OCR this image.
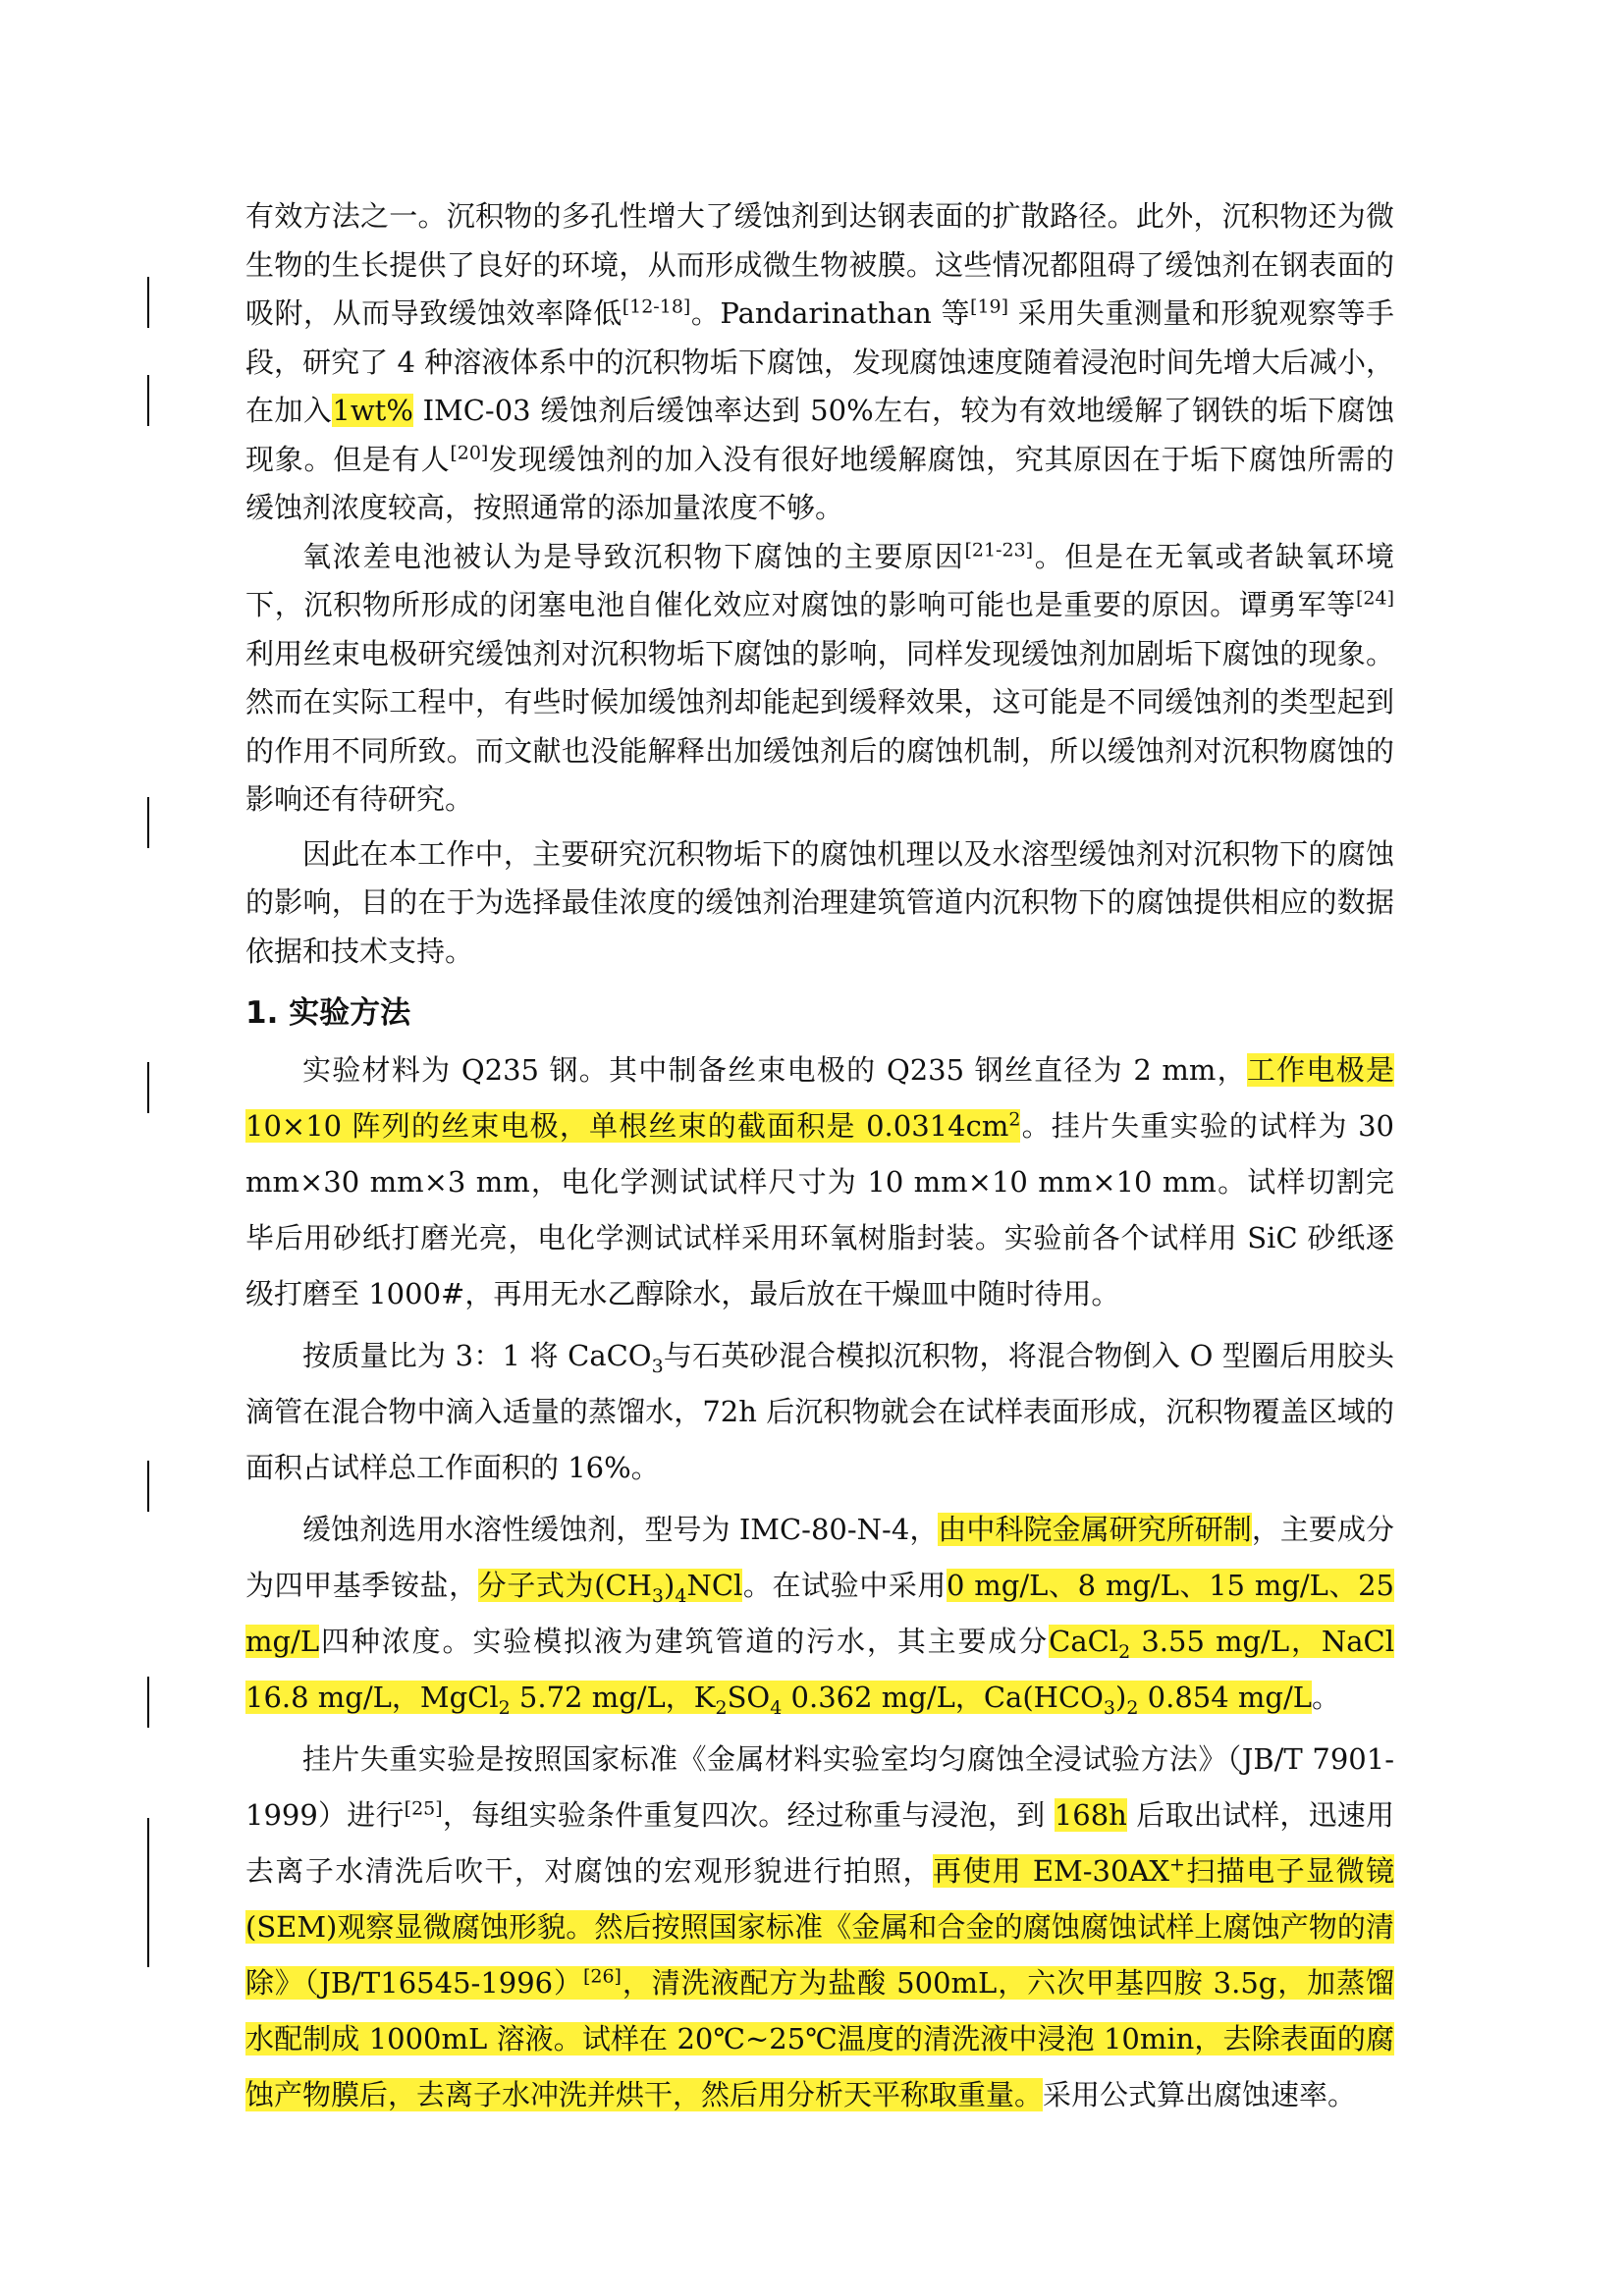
有效方法之一。沉积物的多孔性增大了缓蚀剂到达钢表面的扩散路径。此外，沉积物还为微生物的生长提供了良好的环境，从而形成微生物被膜。这些情况都阻碍了缓蚀剂在钢表面的吸附，从而导致缓蚀效率降低[12-18]。Pandarinathan 等[19] 采用失重测量和形貌观察等手段，研究了 4 种溶液体系中的沉积物垢下腐蚀，发现腐蚀速度随着浸泡时间先增大后减小，在加入1wt% IMC-03 缓蚀剂后缓蚀率达到 50%左右，较为有效地缓解了钢铁的垢下腐蚀现象。但是有人[20]发现缓蚀剂的加入没有很好地缓解腐蚀，究其原因在于垢下腐蚀所需的缓蚀剂浓度较高，按照通常的添加量浓度不够。

氧浓差电池被认为是导致沉积物下腐蚀的主要原因[21-23]。但是在无氧或者缺氧环境下，沉积物所形成的闭塞电池自催化效应对腐蚀的影响可能也是重要的原因。谭勇军等[24]利用丝束电极研究缓蚀剂对沉积物垢下腐蚀的影响，同样发现缓蚀剂加剧垢下腐蚀的现象。然而在实际工程中，有些时候加缓蚀剂却能起到缓释效果，这可能是不同缓蚀剂的类型起到的作用不同所致。而文献也没能解释出加缓蚀剂后的腐蚀机制，所以缓蚀剂对沉积物腐蚀的影响还有待研究。

因此在本工作中，主要研究沉积物垢下的腐蚀机理以及水溶型缓蚀剂对沉积物下的腐蚀的影响，目的在于为选择最佳浓度的缓蚀剂治理建筑管道内沉积物下的腐蚀提供相应的数据依据和技术支持。

1. 实验方法

实验材料为 Q235 钢。其中制备丝束电极的 Q235 钢丝直径为 2 mm，工作电极是10×10 阵列的丝束电极，单根丝束的截面积是 $0.0314cm^2$。挂片失重实验的试样为 30 mm×30 mm×3 mm，电化学测试试样尺寸为 10 mm×10 mm×10 mm。试样切割完毕后用砂纸打磨光亮，电化学测试试样采用环氧树脂封装。实验前各个试样用 SiC 砂纸逐级打磨至 1000#，再用无水乙醇除水，最后放在干燥皿中随时待用。

按质量比为 3：1 将 CaCO$_3$与石英砂混合模拟沉积物，将混合物倒入 O 型圈后用胶头滴管在混合物中滴入适量的蒸馏水，72h 后沉积物就会在试样表面形成，沉积物覆盖区域的面积占试样总工作面积的 16%。

缓蚀剂选用水溶性缓蚀剂，型号为 IMC-80-N-4，由中科院金属研究所研制，主要成分为四甲基季铵盐，分子式为$(CH_3)_4NCl$。在试验中采用0 mg/L、8 mg/L、15 mg/L、25 mg/L四种浓度。实验模拟液为建筑管道的污水，其主要成分CaCl$_2$ 3.55 mg/L，NaCl 16.8 mg/L，MgCl$_2$ 5.72 mg/L，$K_2SO_4$ 0.362 mg/L，$Ca(HCO_3)_2$ 0.854 mg/L。

挂片失重实验是按照国家标准《金属材料实验室均匀腐蚀全浸试验方法》（JB/T 7901-1999）进行[25]，每组实验条件重复四次。经过称重与浸泡，到 168h 后取出试样，迅速用去离子水清洗后吹干，对腐蚀的宏观形貌进行拍照，再使用 EM-30AX+扫描电子显微镜(SEM)观察显微腐蚀形貌。然后按照国家标准《金属和合金的腐蚀腐蚀试样上腐蚀产物的清除》（JB/T16545-1996）[26]，清洗液配方为盐酸 500mL，六次甲基四胺 3.5g，加蒸馏水配制成 1000mL 溶液。试样在 20℃~25℃温度的清洗液中浸泡 10min，去除表面的腐蚀产物膜后，去离子水冲洗并烘干，然后用分析天平称取重量。采用公式算出腐蚀速率。
